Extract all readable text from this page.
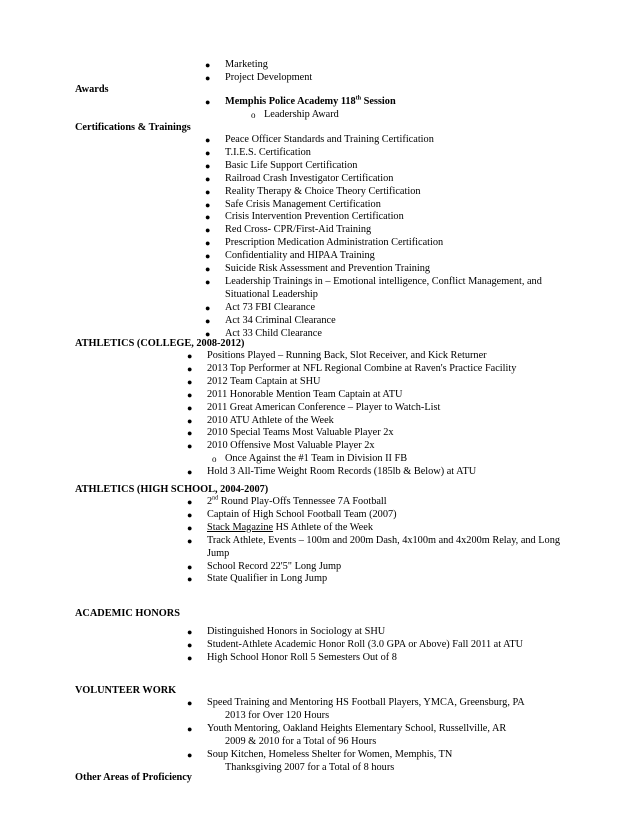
● Marketing
● Project Development
Awards
● Memphis Police Academy 118th Session
o Leadership Award
Certifications & Trainings
● Peace Officer Standards and Training Certification
● T.I.E.S. Certification
● Basic Life Support Certification
● Railroad Crash Investigator Certification
● Reality Therapy & Choice Theory Certification
● Safe Crisis Management Certification
● Crisis Intervention Prevention Certification
● Red Cross- CPR/First-Aid Training
● Prescription Medication Administration Certification
● Confidentiality and HIPAA Training
● Suicide Risk Assessment and Prevention Training
● Leadership Trainings in – Emotional intelligence, Conflict Management, and Situational Leadership
● Act 73 FBI Clearance
● Act 34 Criminal Clearance
● Act 33 Child Clearance
ATHLETICS (COLLEGE, 2008-2012)
● Positions Played – Running Back, Slot Receiver, and Kick Returner
● 2013 Top Performer at NFL Regional Combine at Raven's Practice Facility
● 2012 Team Captain at SHU
● 2011 Honorable Mention Team Captain at ATU
● 2011 Great American Conference – Player to Watch-List
● 2010 ATU Athlete of the Week
● 2010 Special Teams Most Valuable Player 2x
● 2010 Offensive Most Valuable Player 2x
o Once Against the #1 Team in Division II FB
● Hold 3 All-Time Weight Room Records (185lb & Below) at ATU
ATHLETICS (HIGH SCHOOL, 2004-2007)
● 2nd Round Play-Offs Tennessee 7A Football
● Captain of High School Football Team (2007)
● Stack Magazine HS Athlete of the Week
● Track Athlete, Events – 100m and 200m Dash, 4x100m and 4x200m Relay, and Long Jump
● School Record 22'5" Long Jump
● State Qualifier in Long Jump
ACADEMIC HONORS
● Distinguished Honors in Sociology at SHU
● Student-Athlete Academic Honor Roll (3.0 GPA or Above) Fall 2011 at ATU
● High School Honor Roll 5 Semesters Out of 8
VOLUNTEER WORK
● Speed Training and Mentoring HS Football Players, YMCA, Greensburg, PA
2013 for Over 120 Hours
● Youth Mentoring, Oakland Heights Elementary School, Russellville, AR
2009 & 2010 for a Total of 96 Hours
● Soup Kitchen, Homeless Shelter for Women, Memphis, TN
Thanksgiving 2007 for a Total of 8 hours
Other Areas of Proficiency
